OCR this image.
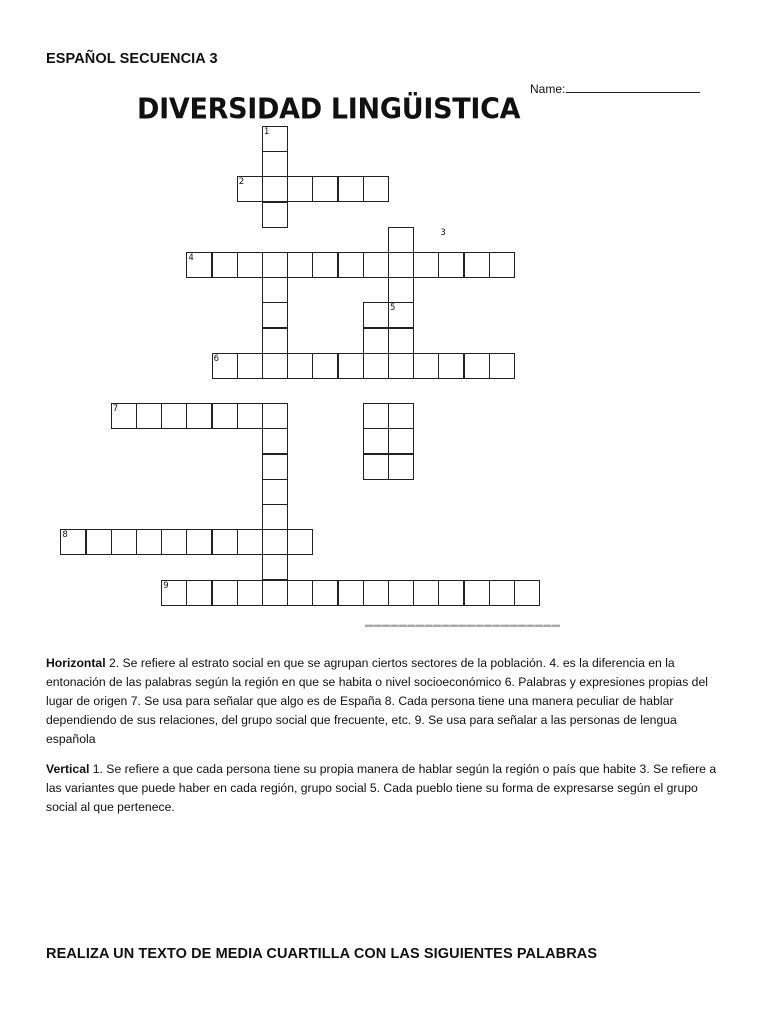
ESPAÑOL SECUENCIA 3
Name:
DIVERSIDAD LINGÜISTICA
1
2
3
4
5
6
7
8
9
▬▬▬▬▬▬▬▬▬▬▬▬▬▬▬▬▬▬▬▬▬▬▬
Horizontal 2. Se refiere al estrato social en que se agrupan ciertos sectores de la población. 4. es la diferencia en la entonación de las palabras según la región en que se habita o nivel socioeconómico 6. Palabras y expresiones propias del lugar de origen 7. Se usa para señalar que algo es de España 8. Cada persona tiene una manera peculiar de hablar dependiendo de sus relaciones, del grupo social que frecuente, etc. 9. Se usa para señalar a las personas de lengua española
Vertical 1. Se refiere a que cada persona tiene su propia manera de hablar según la región o país que habite 3. Se refiere a las variantes que puede haber en cada región, grupo social 5. Cada pueblo tiene su forma de expresarse según el grupo social al que pertenece.
REALIZA UN TEXTO DE MEDIA CUARTILLA CON LAS SIGUIENTES PALABRAS
